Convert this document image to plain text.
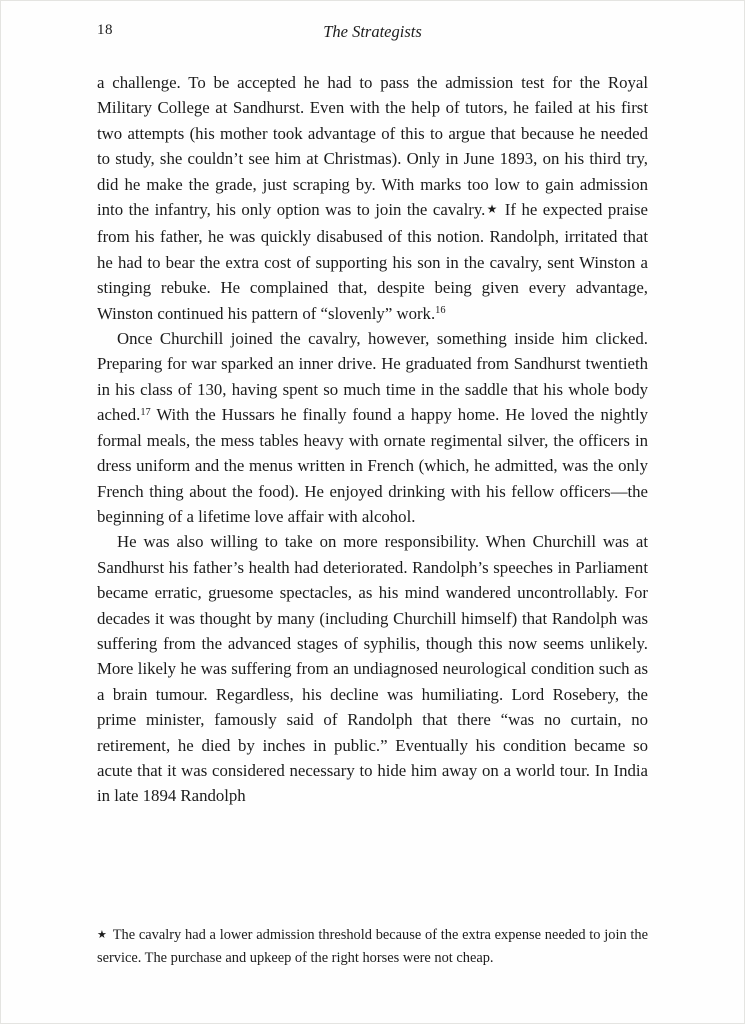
18	The Strategists

a challenge. To be accepted he had to pass the admission test for the Royal Military College at Sandhurst. Even with the help of tutors, he failed at his first two attempts (his mother took advantage of this to argue that because he needed to study, she couldn’t see him at Christmas). Only in June 1893, on his third try, did he make the grade, just scraping by. With marks too low to gain admission into the infantry, his only option was to join the cavalry.★ If he expected praise from his father, he was quickly disabused of this notion. Randolph, irritated that he had to bear the extra cost of supporting his son in the cavalry, sent Winston a stinging rebuke. He complained that, despite being given every advantage, Winston continued his pattern of “slovenly” work.$^{16}$

Once Churchill joined the cavalry, however, something inside him clicked. Preparing for war sparked an inner drive. He graduated from Sandhurst twentieth in his class of 130, having spent so much time in the saddle that his whole body ached.$^{17}$ With the Hussars he finally found a happy home. He loved the nightly formal meals, the mess tables heavy with ornate regimental silver, the officers in dress uniform and the menus written in French (which, he admitted, was the only French thing about the food). He enjoyed drinking with his fellow officers—the beginning of a lifetime love affair with alcohol.

He was also willing to take on more responsibility. When Churchill was at Sandhurst his father’s health had deteriorated. Randolph’s speeches in Parliament became erratic, gruesome spectacles, as his mind wandered uncontrollably. For decades it was thought by many (including Churchill himself) that Randolph was suffering from the advanced stages of syphilis, though this now seems unlikely. More likely he was suffering from an undiagnosed neurological condition such as a brain tumour. Regardless, his decline was humiliating. Lord Rosebery, the prime minister, famously said of Randolph that there “was no curtain, no retirement, he died by inches in public.” Eventually his condition became so acute that it was considered necessary to hide him away on a world tour. In India in late 1894 Randolph

★ The cavalry had a lower admission threshold because of the extra expense needed to join the service. The purchase and upkeep of the right horses were not cheap.
